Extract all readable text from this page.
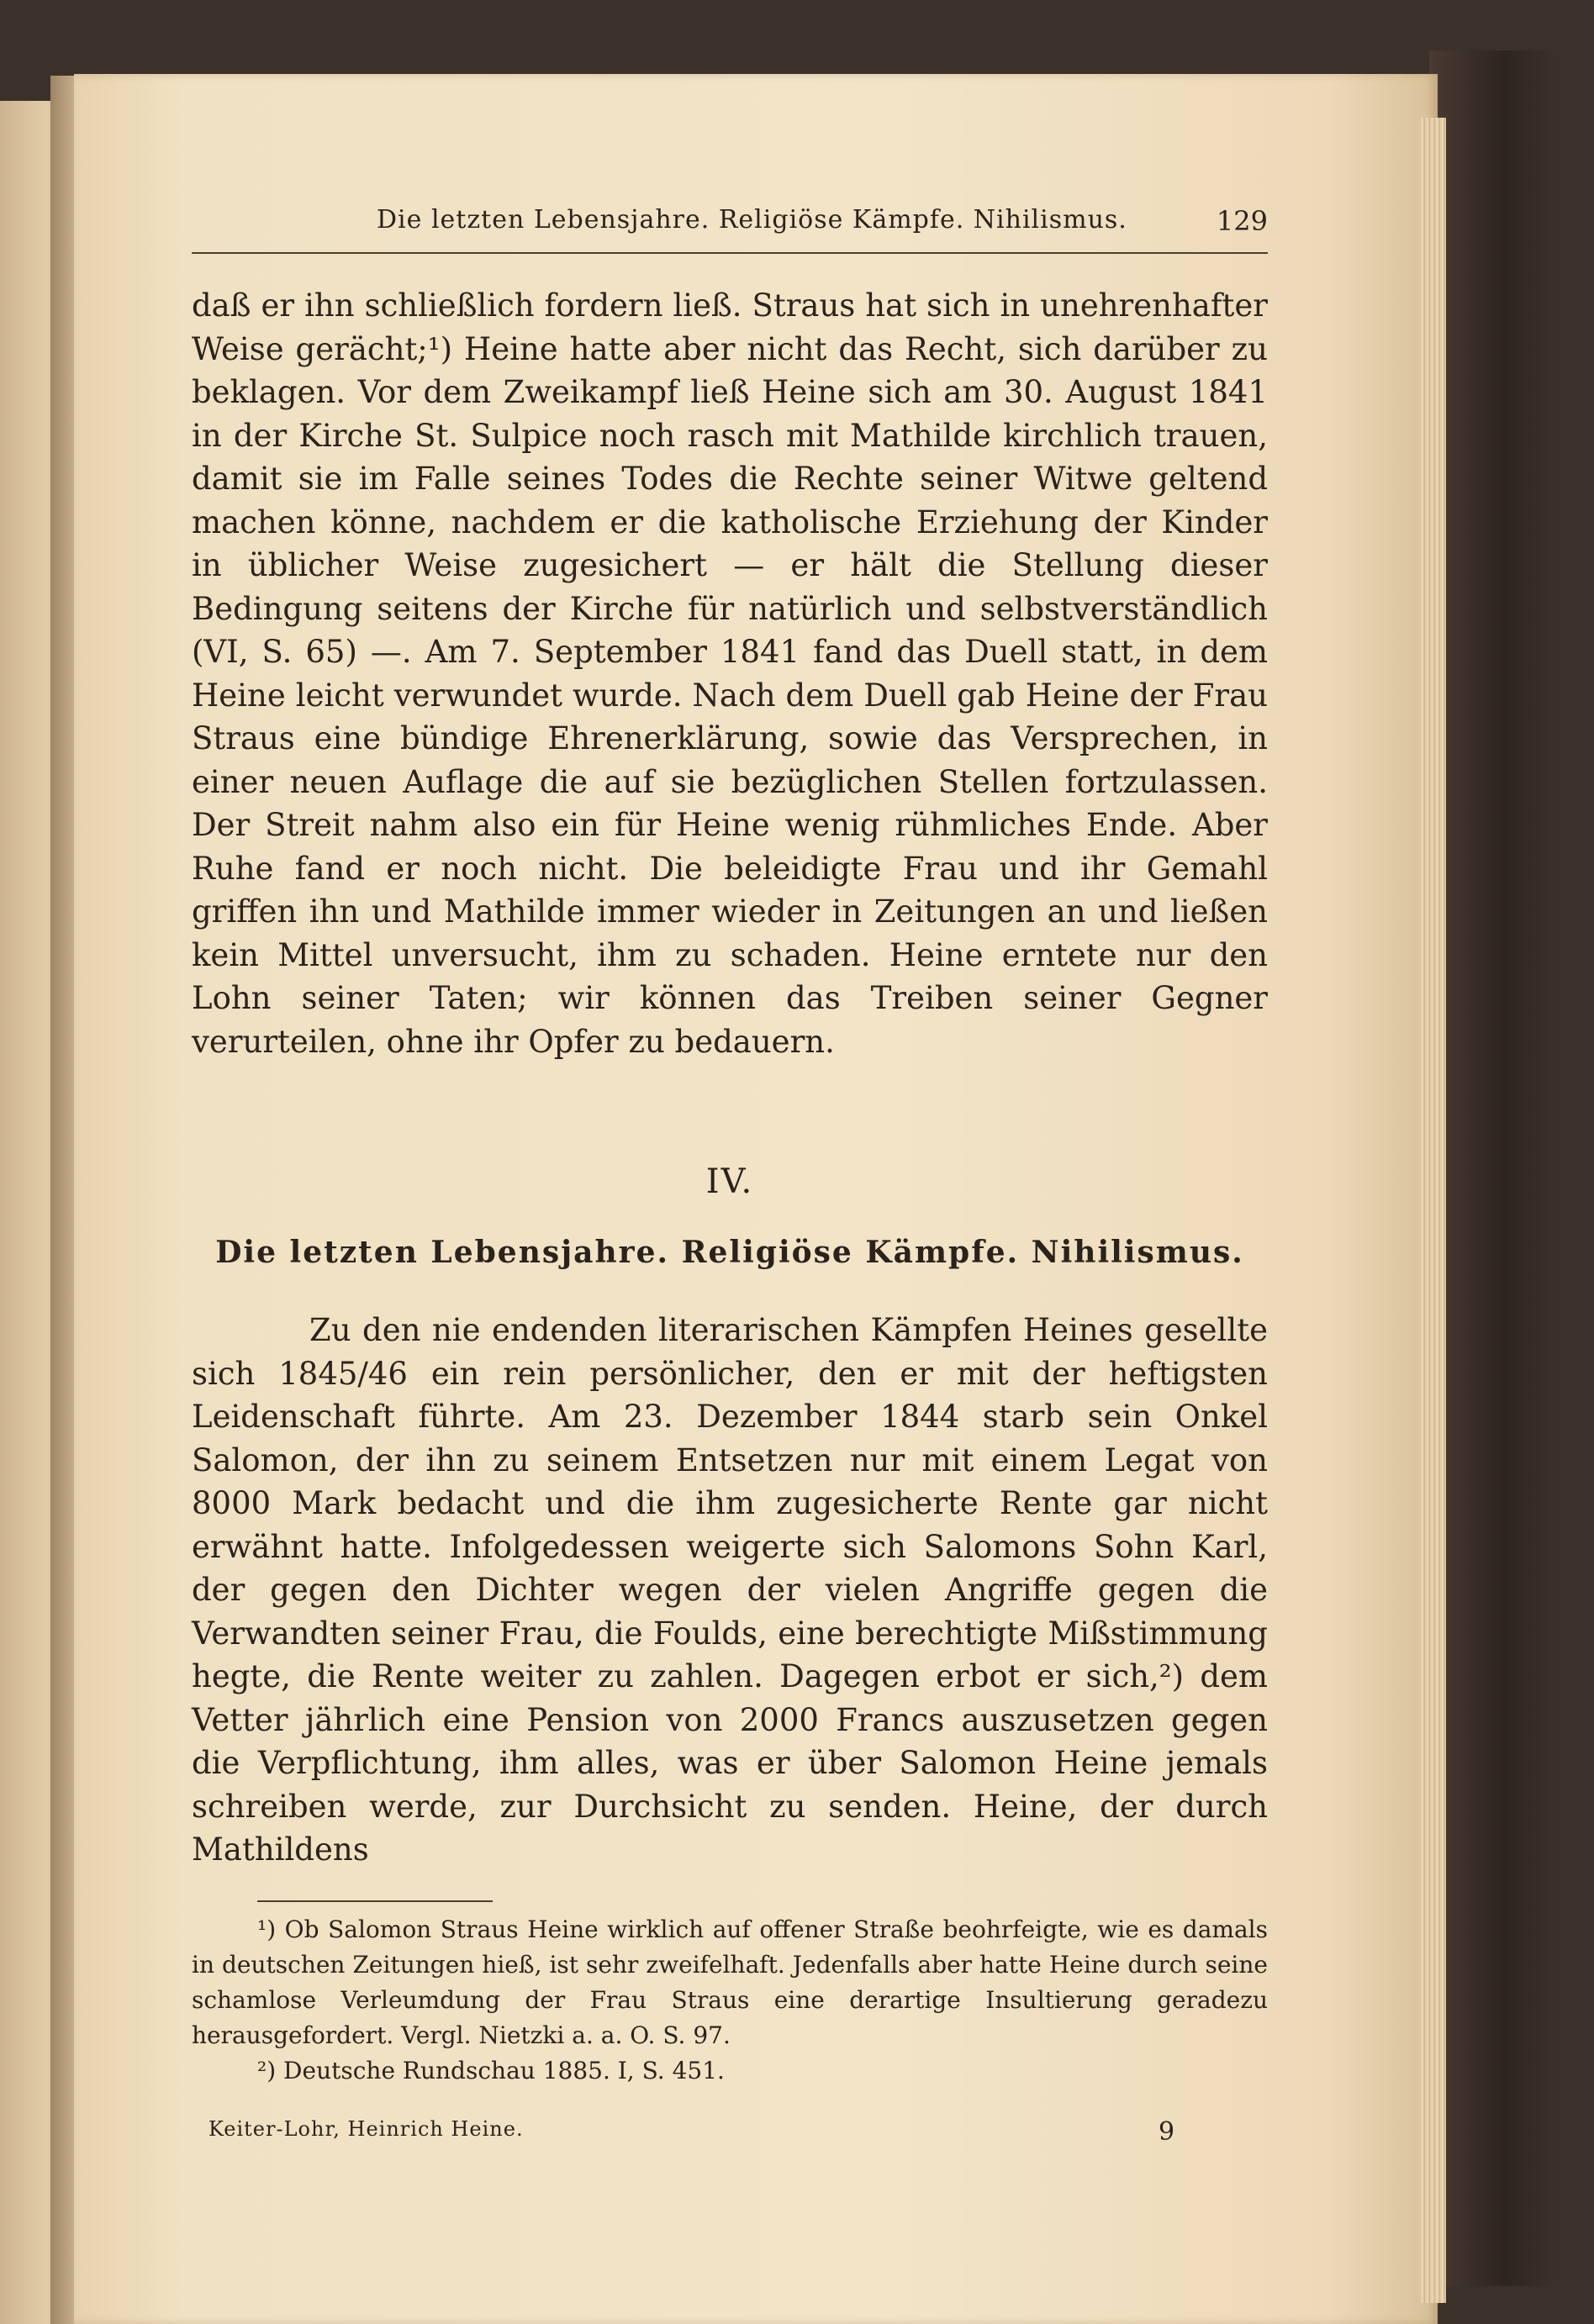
Die letzten Lebensjahre. Religiöse Kämpfe. Nihilismus.	129

daß er ihn schließlich fordern ließ. Straus hat sich in unehrenhafter Weise gerächt;¹) Heine hatte aber nicht das Recht, sich darüber zu beklagen. Vor dem Zweikampf ließ Heine sich am 30. August 1841 in der Kirche St. Sulpice noch rasch mit Mathilde kirchlich trauen, damit sie im Falle seines Todes die Rechte seiner Witwe geltend machen könne, nachdem er die katholische Erziehung der Kinder in üblicher Weise zugesichert — er hält die Stellung dieser Bedingung seitens der Kirche für natürlich und selbstverständlich (VI, S. 65) —. Am 7. September 1841 fand das Duell statt, in dem Heine leicht verwundet wurde. Nach dem Duell gab Heine der Frau Straus eine bündige Ehrenerklärung, sowie das Versprechen, in einer neuen Auflage die auf sie bezüglichen Stellen fortzulassen. Der Streit nahm also ein für Heine wenig rühmliches Ende. Aber Ruhe fand er noch nicht. Die beleidigte Frau und ihr Gemahl griffen ihn und Mathilde immer wieder in Zeitungen an und ließen kein Mittel unversucht, ihm zu schaden. Heine erntete nur den Lohn seiner Taten; wir können das Treiben seiner Gegner verurteilen, ohne ihr Opfer zu bedauern.

IV.
Die letzten Lebensjahre. Religiöse Kämpfe. Nihilismus.

Zu den nie endenden literarischen Kämpfen Heines gesellte sich 1845/46 ein rein persönlicher, den er mit der heftigsten Leidenschaft führte. Am 23. Dezember 1844 starb sein Onkel Salomon, der ihn zu seinem Entsetzen nur mit einem Legat von 8000 Mark bedacht und die ihm zugesicherte Rente gar nicht erwähnt hatte. Infolgedessen weigerte sich Salomons Sohn Karl, der gegen den Dichter wegen der vielen Angriffe gegen die Verwandten seiner Frau, die Foulds, eine berechtigte Mißstimmung hegte, die Rente weiter zu zahlen. Dagegen erbot er sich,²) dem Vetter jährlich eine Pension von 2000 Francs auszusetzen gegen die Verpflichtung, ihm alles, was er über Salomon Heine jemals schreiben werde, zur Durchsicht zu senden. Heine, der durch Mathildens

¹) Ob Salomon Straus Heine wirklich auf offener Straße beohrfeigte, wie es damals in deutschen Zeitungen hieß, ist sehr zweifelhaft. Jedenfalls aber hatte Heine durch seine schamlose Verleumdung der Frau Straus eine derartige Insultierung geradezu herausgefordert. Vergl. Nietzki a. a. O. S. 97.
²) Deutsche Rundschau 1885. I, S. 451.
Keiter-Lohr, Heinrich Heine.	9
